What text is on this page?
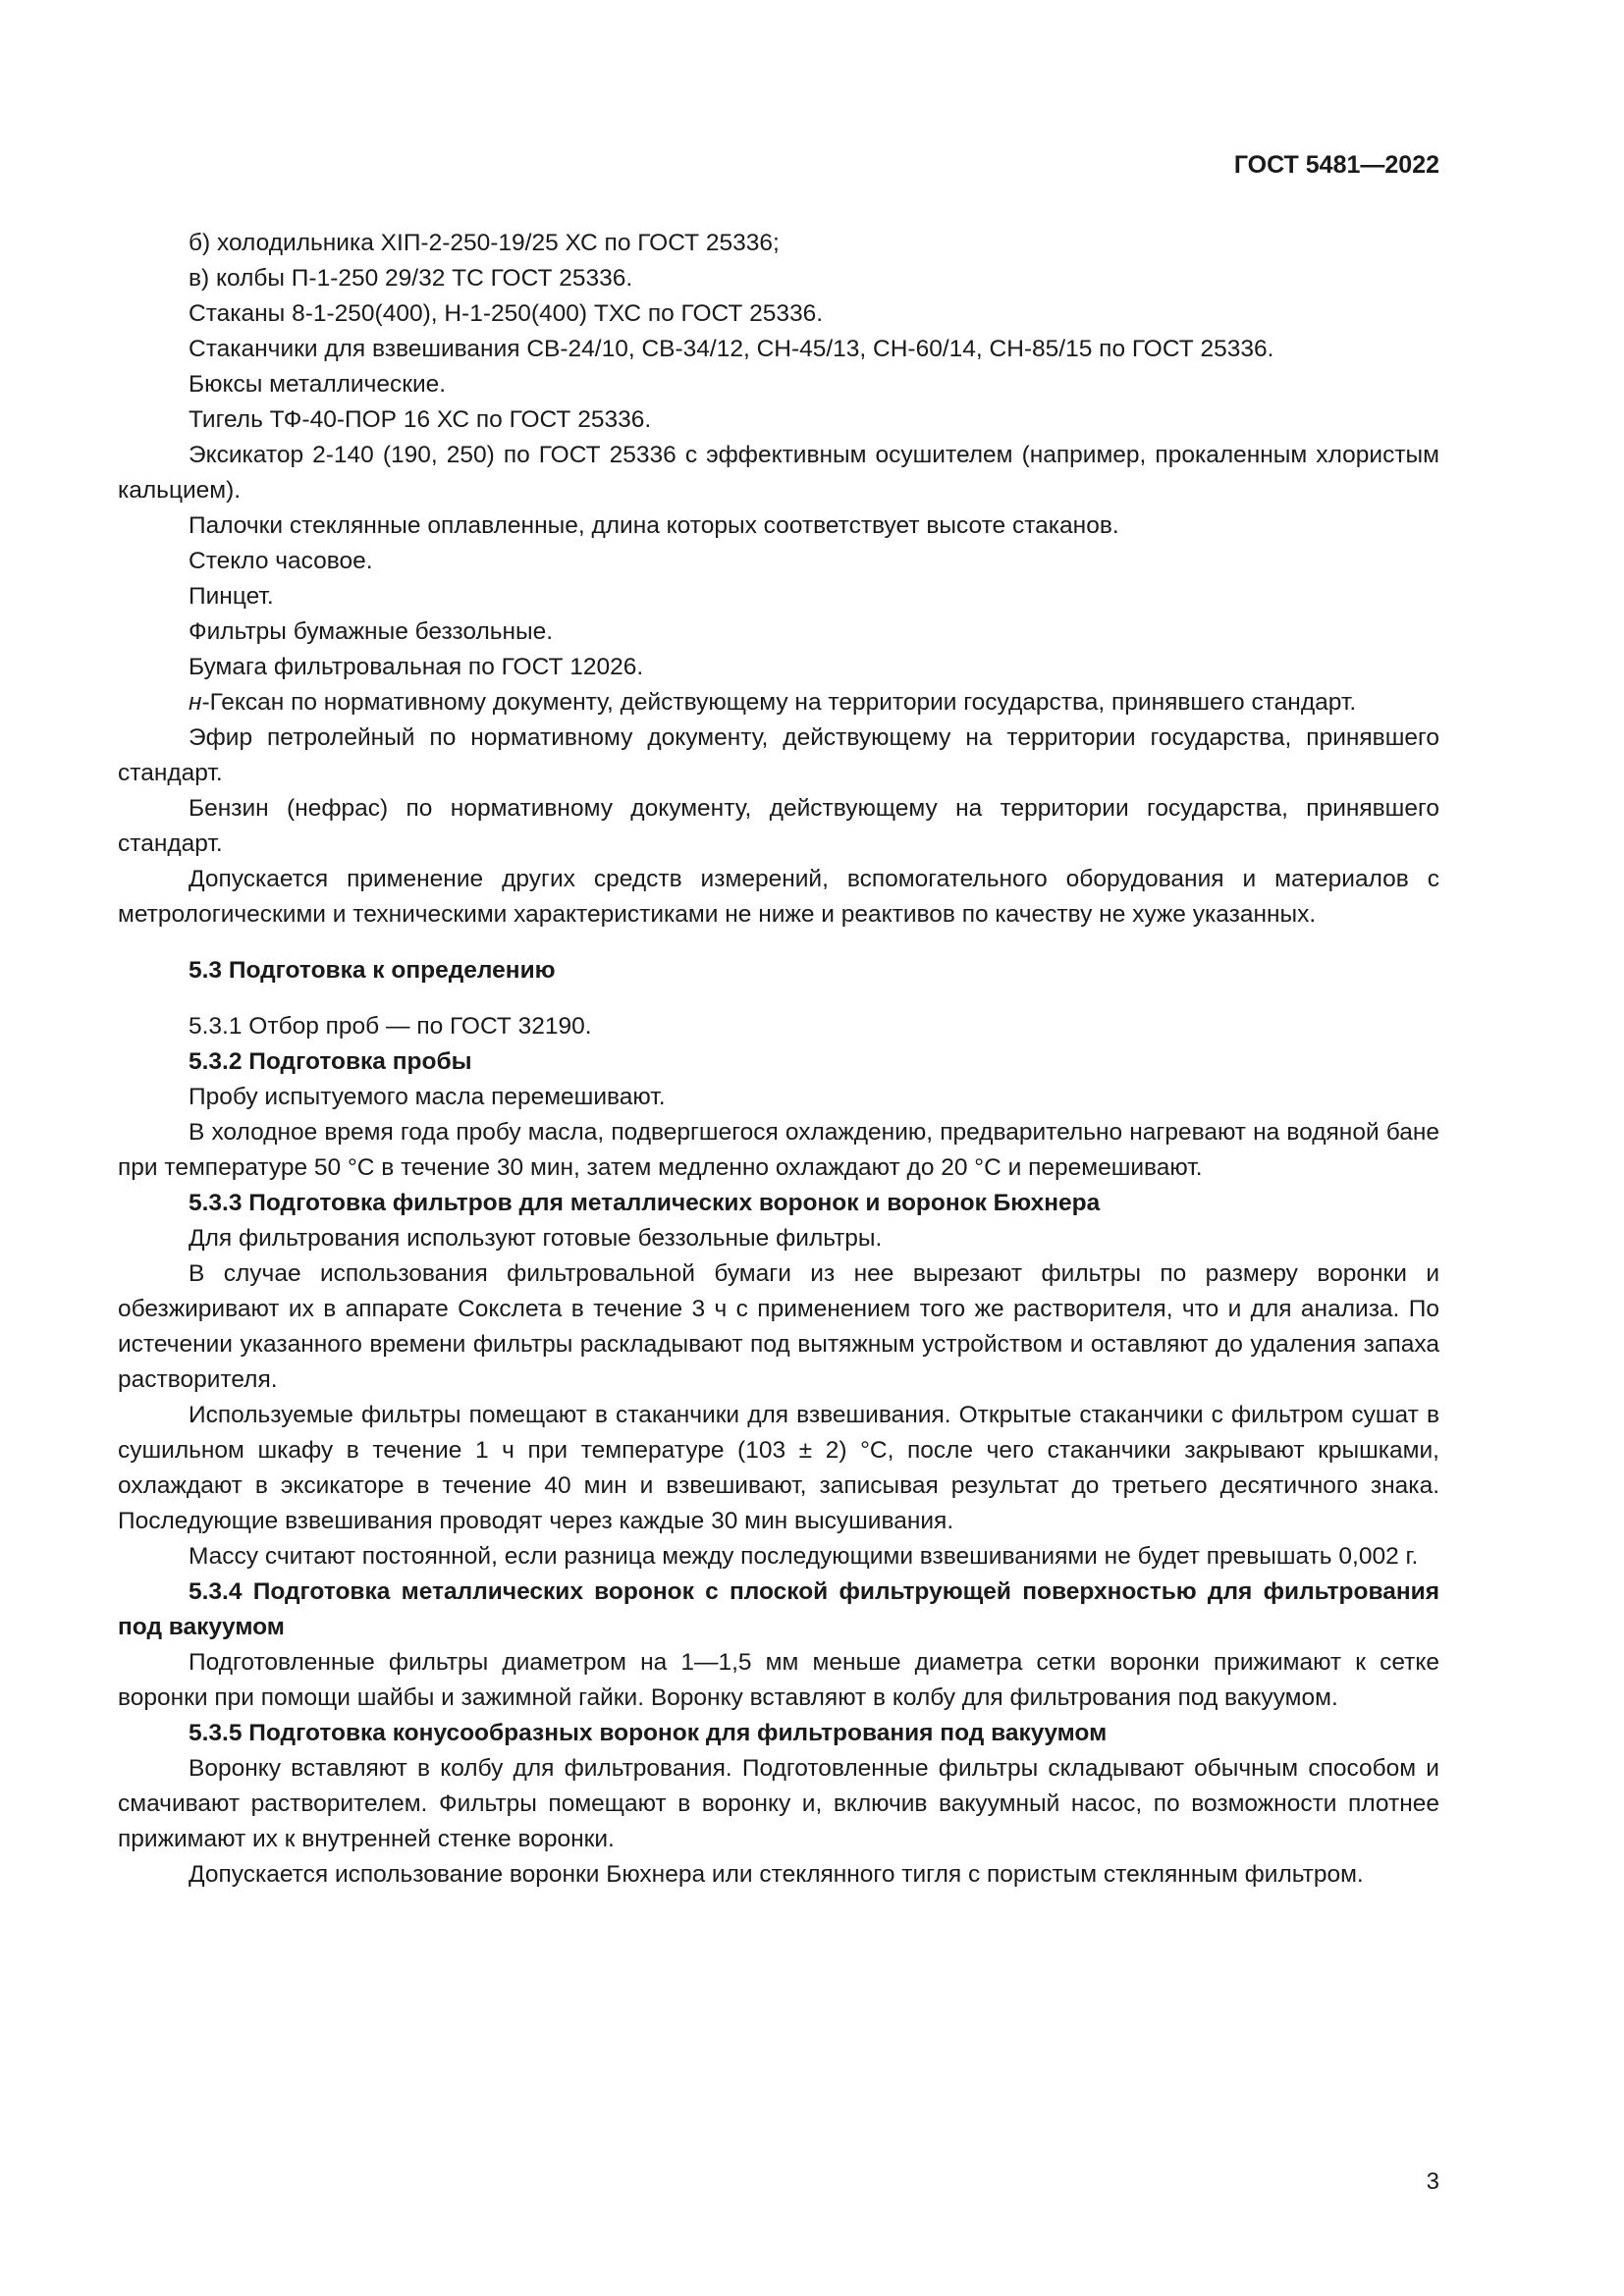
ГОСТ 5481—2022

б) холодильника ХІП-2-250-19/25 ХС по ГОСТ 25336;

в) колбы П-1-250 29/32 ТС ГОСТ 25336.

Стаканы 8-1-250(400), Н-1-250(400) ТХС по ГОСТ 25336.

Стаканчики для взвешивания СВ-24/10, СВ-34/12, СН-45/13, СН-60/14, СН-85/15 по ГОСТ 25336.

Бюксы металлические.

Тигель ТФ-40-ПОР 16 ХС по ГОСТ 25336.

Эксикатор 2-140 (190, 250) по ГОСТ 25336 с эффективным осушителем (например, прокаленным хлористым кальцием).

Палочки стеклянные оплавленные, длина которых соответствует высоте стаканов.

Стекло часовое.

Пинцет.

Фильтры бумажные беззольные.

Бумага фильтровальная по ГОСТ 12026.

н-Гексан по нормативному документу, действующему на территории государства, принявшего стандарт.

Эфир петролейный по нормативному документу, действующему на территории государства, принявшего стандарт.

Бензин (нефрас) по нормативному документу, действующему на территории государства, принявшего стандарт.

Допускается применение других средств измерений, вспомогательного оборудования и материалов с метрологическими и техническими характеристиками не ниже и реактивов по качеству не хуже указанных.

5.3 Подготовка к определению

5.3.1 Отбор проб — по ГОСТ 32190.

5.3.2 Подготовка пробы

Пробу испытуемого масла перемешивают.

В холодное время года пробу масла, подвергшегося охлаждению, предварительно нагревают на водяной бане при температуре 50 °С в течение 30 мин, затем медленно охлаждают до 20 °С и перемешивают.

5.3.3 Подготовка фильтров для металлических воронок и воронок Бюхнера

Для фильтрования используют готовые беззольные фильтры.

В случае использования фильтровальной бумаги из нее вырезают фильтры по размеру воронки и обезжиривают их в аппарате Сокслета в течение 3 ч с применением того же растворителя, что и для анализа. По истечении указанного времени фильтры раскладывают под вытяжным устройством и оставляют до удаления запаха растворителя.

Используемые фильтры помещают в стаканчики для взвешивания. Открытые стаканчики с фильтром сушат в сушильном шкафу в течение 1 ч при температуре (103 ± 2) °С, после чего стаканчики закрывают крышками, охлаждают в эксикаторе в течение 40 мин и взвешивают, записывая результат до третьего десятичного знака. Последующие взвешивания проводят через каждые 30 мин высушивания.

Массу считают постоянной, если разница между последующими взвешиваниями не будет превышать 0,002 г.

5.3.4 Подготовка металлических воронок с плоской фильтрующей поверхностью для фильтрования под вакуумом

Подготовленные фильтры диаметром на 1—1,5 мм меньше диаметра сетки воронки прижимают к сетке воронки при помощи шайбы и зажимной гайки. Воронку вставляют в колбу для фильтрования под вакуумом.

5.3.5 Подготовка конусообразных воронок для фильтрования под вакуумом

Воронку вставляют в колбу для фильтрования. Подготовленные фильтры складывают обычным способом и смачивают растворителем. Фильтры помещают в воронку и, включив вакуумный насос, по возможности плотнее прижимают их к внутренней стенке воронки.

Допускается использование воронки Бюхнера или стеклянного тигля с пористым стеклянным фильтром.

3
